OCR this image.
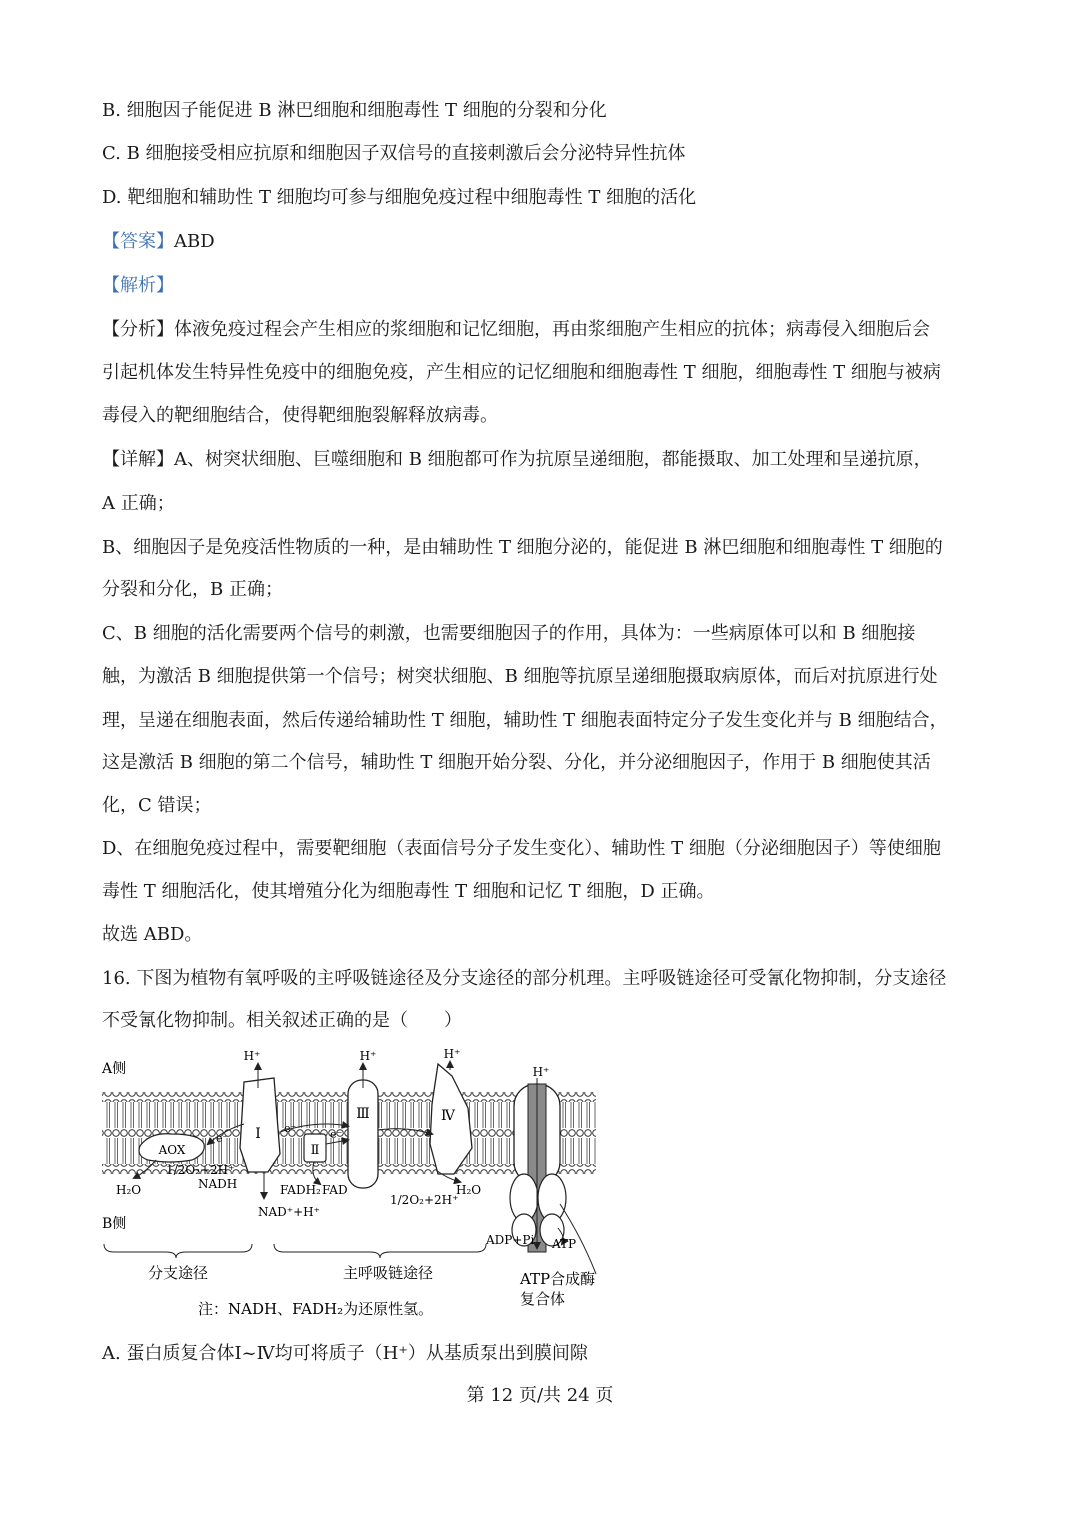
B. 细胞因子能促进 B 淋巴细胞和细胞毒性 T 细胞的分裂和分化
C. B 细胞接受相应抗原和细胞因子双信号的直接刺激后会分泌特异性抗体
D. 靶细胞和辅助性 T 细胞均可参与细胞免疫过程中细胞毒性 T 细胞的活化
【答案】ABD
【解析】
【分析】体液免疫过程会产生相应的浆细胞和记忆细胞，再由浆细胞产生相应的抗体；病毒侵入细胞后会
引起机体发生特异性免疫中的细胞免疫，产生相应的记忆细胞和细胞毒性 T 细胞，细胞毒性 T 细胞与被病
毒侵入的靶细胞结合，使得靶细胞裂解释放病毒。
【详解】A、树突状细胞、巨噬细胞和 B 细胞都可作为抗原呈递细胞，都能摄取、加工处理和呈递抗原，
A 正确；
B、细胞因子是免疫活性物质的一种，是由辅助性 T 细胞分泌的，能促进 B 淋巴细胞和细胞毒性 T 细胞的
分裂和分化，B 正确；
C、B 细胞的活化需要两个信号的刺激，也需要细胞因子的作用，具体为：一些病原体可以和 B 细胞接
触，为激活 B 细胞提供第一个信号；树突状细胞、B 细胞等抗原呈递细胞摄取病原体，而后对抗原进行处
理，呈递在细胞表面，然后传递给辅助性 T 细胞，辅助性 T 细胞表面特定分子发生变化并与 B 细胞结合，
这是激活 B 细胞的第二个信号，辅助性 T 细胞开始分裂、分化，并分泌细胞因子，作用于 B 细胞使其活
化，C 错误；
D、在细胞免疫过程中，需要靶细胞（表面信号分子发生变化）、辅助性 T 细胞（分泌细胞因子）等使细胞
毒性 T 细胞活化，使其增殖分化为细胞毒性 T 细胞和记忆 T 细胞，D 正确。
故选 ABD。
16. 下图为植物有氧呼吸的主呼吸链途径及分支途径的部分机理。主呼吸链途径可受氰化物抑制，分支途径
不受氰化物抑制。相关叙述正确的是（　　）
A侧
B侧
Ⅰ
H⁺
Ⅱ
Ⅲ
H⁺
Ⅳ
H⁺
H⁺
AOX
e⁻
1/2O₂+2H⁺
H₂O	NADH
NAD⁺+H⁺
e⁻	e⁻
FADH₂ FAD	H₂O
1/2O₂+2H⁺
ADP+Pi ATP
分支途径	主呼吸链途径	ATP合成酶
复合体
注：NADH、FADH₂为还原性氢。
A. 蛋白质复合体Ⅰ~Ⅳ均可将质子（H⁺）从基质泵出到膜间隙
第 12 页/共 24 页
